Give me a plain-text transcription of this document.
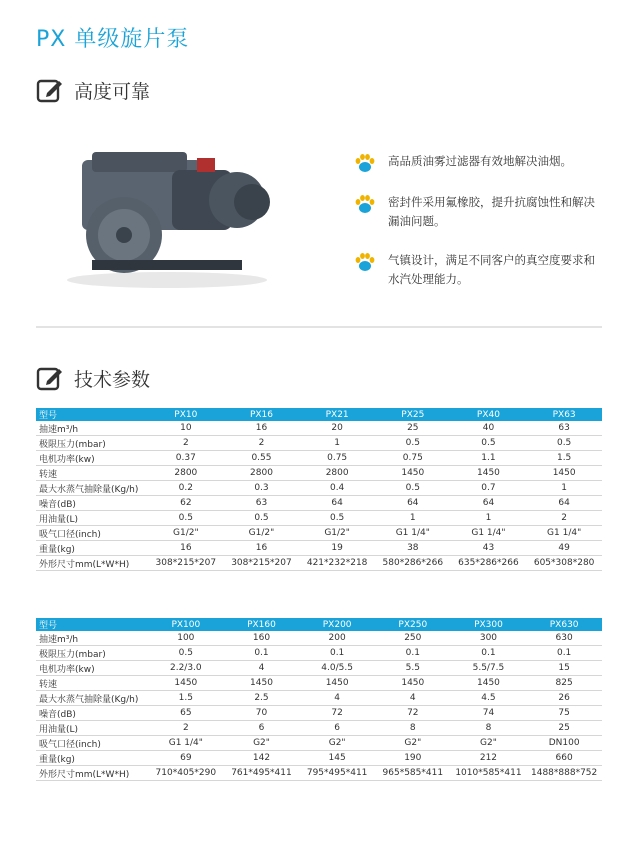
PX 单级旋片泵
高度可靠
高品质油雾过滤器有效地解决油烟。
密封件采用氟橡胶，提升抗腐蚀性和解决漏油问题。
气镇设计，满足不同客户的真空度要求和水汽处理能力。
技术参数
型号	PX10	PX16	PX21	PX25	PX40	PX63
抽速m³/h	10	16	20	25	40	63
极限压力(mbar)	2	2	1	0.5	0.5	0.5
电机功率(kw)	0.37	0.55	0.75	0.75	1.1	1.5
转速	2800	2800	2800	1450	1450	1450
最大水蒸气抽除量(Kg/h)	0.2	0.3	0.4	0.5	0.7	1
噪音(dB)	62	63	64	64	64	64
用油量(L)	0.5	0.5	0.5	1	1	2
吸气口径(inch)	G1/2"	G1/2"	G1/2"	G1 1/4"	G1 1/4"	G1 1/4"
重量(kg)	16	16	19	38	43	49
外形尺寸mm(L*W*H)	308*215*207	308*215*207	421*232*218	580*286*266	635*286*266	605*308*280
型号	PX100	PX160	PX200	PX250	PX300	PX630
抽速m³/h	100	160	200	250	300	630
极限压力(mbar)	0.5	0.1	0.1	0.1	0.1	0.1
电机功率(kw)	2.2/3.0	4	4.0/5.5	5.5	5.5/7.5	15
转速	1450	1450	1450	1450	1450	825
最大水蒸气抽除量(Kg/h)	1.5	2.5	4	4	4.5	26
噪音(dB)	65	70	72	72	74	75
用油量(L)	2	6	6	8	8	25
吸气口径(inch)	G1 1/4"	G2"	G2"	G2"	G2"	DN100
重量(kg)	69	142	145	190	212	660
外形尺寸mm(L*W*H)	710*405*290	761*495*411	795*495*411	965*585*411	1010*585*411	1488*888*752
